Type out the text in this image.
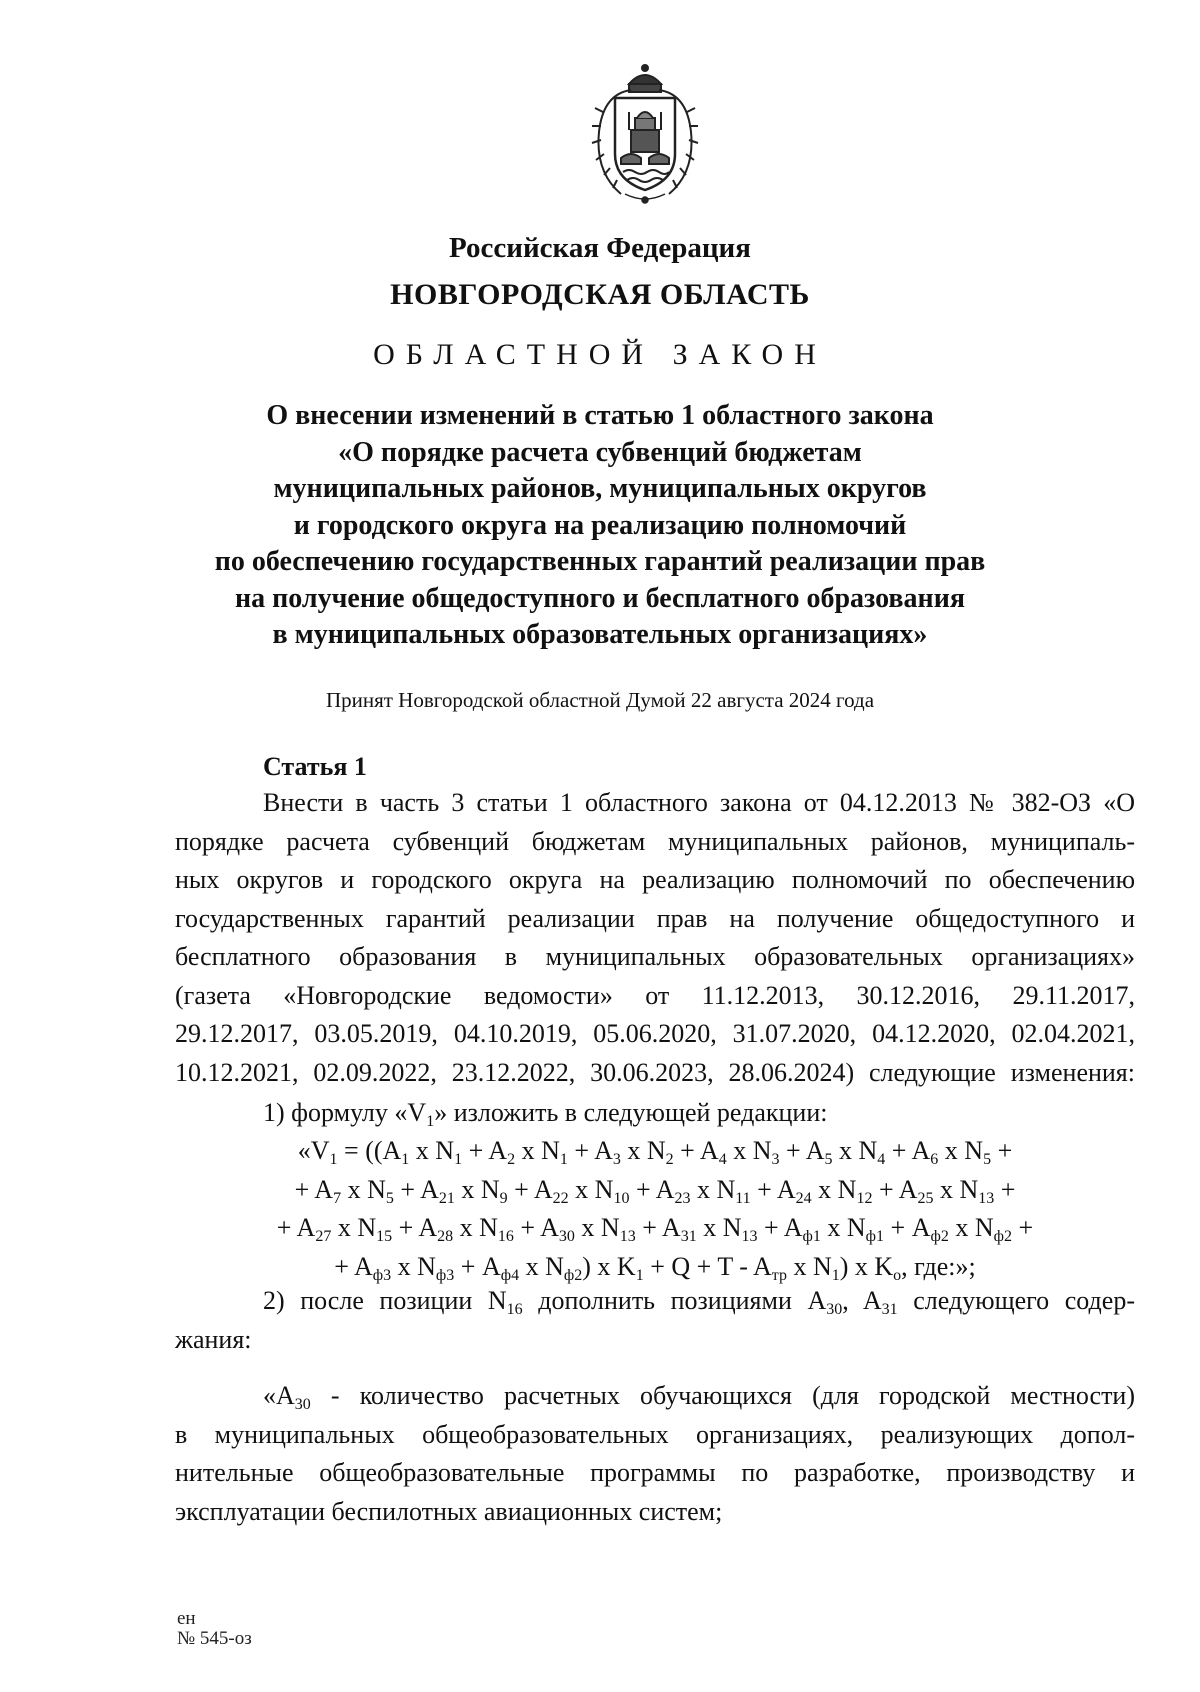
Российская Федерация
НОВГОРОДСКАЯ ОБЛАСТЬ
ОБЛАСТНОЙ ЗАКОН
О внесении изменений в статью 1 областного закона
«О порядке расчета субвенций бюджетам
муниципальных районов, муниципальных округов
и городского округа на реализацию полномочий
по обеспечению государственных гарантий реализации прав
на получение общедоступного и бесплатного образования
в муниципальных образовательных организациях»
Принят Новгородской областной Думой 22 августа 2024 года
Статья 1
Внести в часть 3 статьи 1 областного закона от 04.12.2013 № 382-ОЗ «О
порядке расчета субвенций бюджетам муниципальных районов, муниципаль-
ных округов и городского округа на реализацию полномочий по обеспечению
государственных гарантий реализации прав на получение общедоступного и
бесплатного образования в муниципальных образовательных организациях»
(газета «Новгородские ведомости» от 11.12.2013, 30.12.2016, 29.11.2017,
29.12.2017, 03.05.2019, 04.10.2019, 05.06.2020, 31.07.2020, 04.12.2020, 02.04.2021,
10.12.2021, 02.09.2022, 23.12.2022, 30.06.2023, 28.06.2024) следующие изменения:
1) формулу «$V_1$» изложить в следующей редакции:
«$V_1 = ((A_1$ x $N_1 + A_2$ x $N_1 + A_3$ x $N_2 + A_4$ x $N_3 + A_5$ x $N_4 + A_6$ x $N_5$ +
+ $A_7$ x $N_5 + A_{21}$ x $N_9 + A_{22}$ x $N_{10} + A_{23}$ x $N_{11} + A_{24}$ x $N_{12} + A_{25}$ x $N_{13}$ +
+ $A_{27}$ x $N_{15} + A_{28}$ x $N_{16} + A_{30}$ x $N_{13} + A_{31}$ x $N_{13} + A_{ф1}$ x $N_{ф1} + A_{ф2}$ x $N_{ф2}$ +
+ $A_{ф3}$ x $N_{ф3} + A_{ф4}$ x $N_{ф2}$) x $K_1 + Q + T - A_{тр}$ x $N_1$) x $K_о$, где:»;
2) после позиции $N_{16}$ дополнить позициями $A_{30}$, $A_{31}$ следующего содер-
жания:
«$A_{30}$ - количество расчетных обучающихся (для городской местности)
в муниципальных общеобразовательных организациях, реализующих допол-
нительные общеобразовательные программы по разработке, производству и
эксплуатации беспилотных авиационных систем;
ен
№ 545-оз
